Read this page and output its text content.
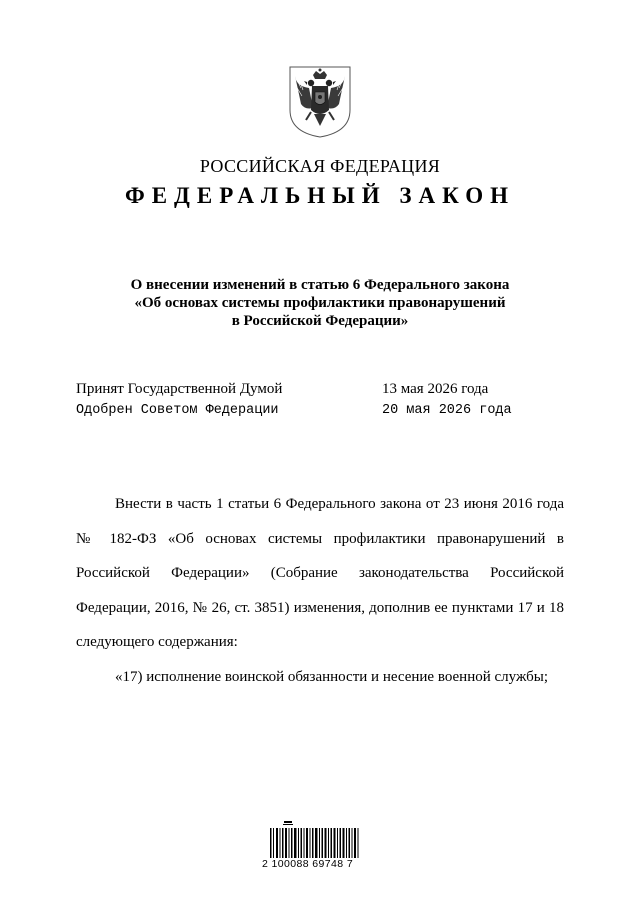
РОССИЙСКАЯ ФЕДЕРАЦИЯ
ФЕДЕРАЛЬНЫЙ ЗАКОН
О внесении изменений в статью 6 Федерального закона
«Об основах системы профилактики правонарушений
в Российской Федерации»
Принят Государственной Думой	13 мая 2026 года
Одобрен Советом Федерации	20 мая 2026 года

Внести в часть 1 статьи 6 Федерального закона от 23 июня 2016 года № 182-ФЗ «Об основах системы профилактики правонарушений в Российской Федерации» (Собрание законодательства Российской Федерации, 2016, № 26, ст. 3851) изменения, дополнив ее пунктами 17 и 18 следующего содержания:

«17) исполнение воинской обязанности и несение военной службы;

2 100088 69748 7
